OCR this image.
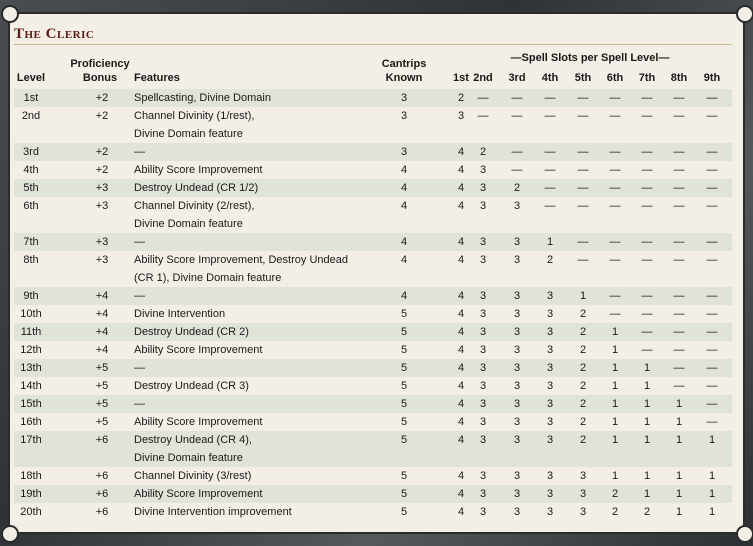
The Cleric
Level
Proficiency
Bonus	Features
Cantrips
Known
—Spell Slots per Spell Level—
1st 2nd	3rd	4th	5th	6th	7th	8th	9th
1st	+2	Spellcasting, Divine Domain	3	2	—	—	—	—	—	—	—	—
2nd	+2	Channel Divinity (1/rest),
Divine Domain feature
3	3	—	—	—	—	—	—	—	—
3rd	+2	—	3	4	2	—	—	—	—	—	—	—
4th	+2	Ability Score Improvement	4	4	3	—	—	—	—	—	—	—
5th	+3	Destroy Undead (CR 1/2)	4	4	3	2	—	—	—	—	—	—
6th	+3	Channel Divinity (2/rest),
Divine Domain feature
4	4	3	3	—	—	—	—	—	—
7th	+3	—	4	4	3	3	1	—	—	—	—	—
8th	+3	Ability Score Improvement, Destroy Undead
(CR 1), Divine Domain feature
4	4	3	3	2	—	—	—	—	—
9th	+4	—	4	4	3	3	3	1	—	—	—	—
10th	+4	Divine Intervention	5	4	3	3	3	2	—	—	—	—
11th	+4	Destroy Undead (CR 2)	5	4	3	3	3	2	1	—	—	—
12th	+4	Ability Score Improvement	5	4	3	3	3	2	1	—	—	—
13th	+5	—	5	4	3	3	3	2	1	1	—	—
14th	+5	Destroy Undead (CR 3)	5	4	3	3	3	2	1	1	—	—
15th	+5	—	5	4	3	3	3	2	1	1	1	—
16th	+5	Ability Score Improvement	5	4	3	3	3	2	1	1	1	—
17th	+6	Destroy Undead (CR 4),
Divine Domain feature
5	4	3	3	3	2	1	1	1	1
18th	+6	Channel Divinity (3/rest)	5	4	3	3	3	3	1	1	1	1
19th	+6	Ability Score Improvement	5	4	3	3	3	3	2	1	1	1
20th	+6	Divine Intervention improvement	5	4	3	3	3	3	2	2	1	1
